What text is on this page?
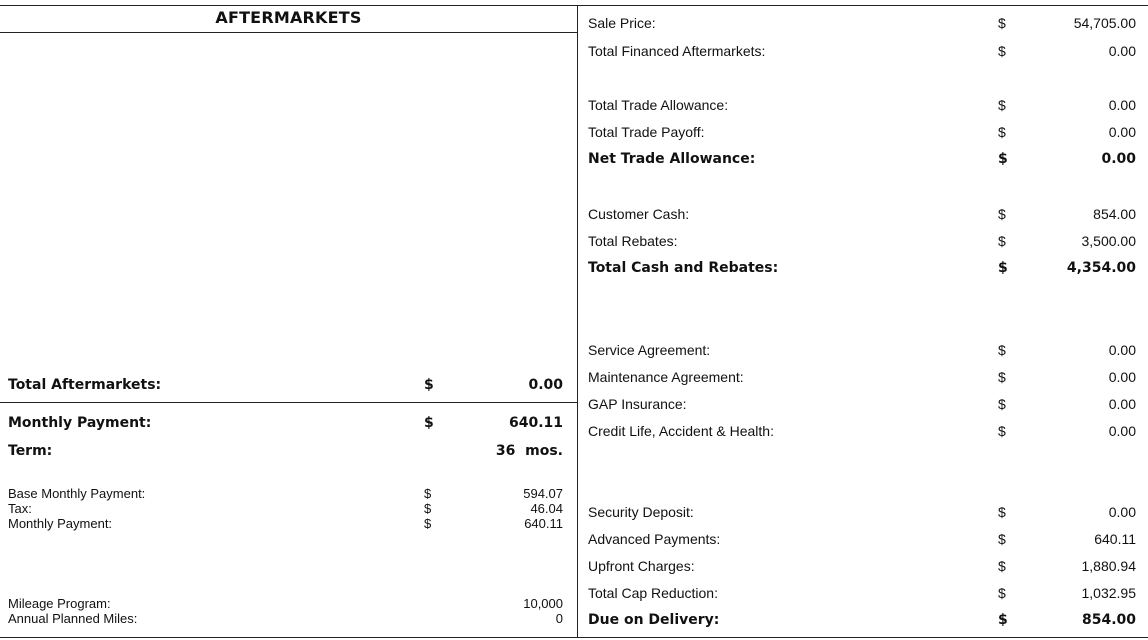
AFTERMARKETS
Total Aftermarkets:	$	0.00
Monthly Payment:	$	640.11
Term:	36 mos.
Base Monthly Payment:	$	594.07
Tax:	$	46.04
Monthly Payment:	$	640.11
Mileage Program:	10,000
Annual Planned Miles:	0
Sale Price:	$	54,705.00
Total Financed Aftermarkets:	$	0.00
Total Trade Allowance:	$	0.00
Total Trade Payoff:	$	0.00
Net Trade Allowance:	$	0.00
Customer Cash:	$	854.00
Total Rebates:	$	3,500.00
Total Cash and Rebates:	$	4,354.00
Service Agreement:	$	0.00
Maintenance Agreement:	$	0.00
GAP Insurance:	$	0.00
Credit Life, Accident & Health:	$	0.00
Security Deposit:	$	0.00
Advanced Payments:	$	640.11
Upfront Charges:	$	1,880.94
Total Cap Reduction:	$	1,032.95
Due on Delivery:	$	854.00
